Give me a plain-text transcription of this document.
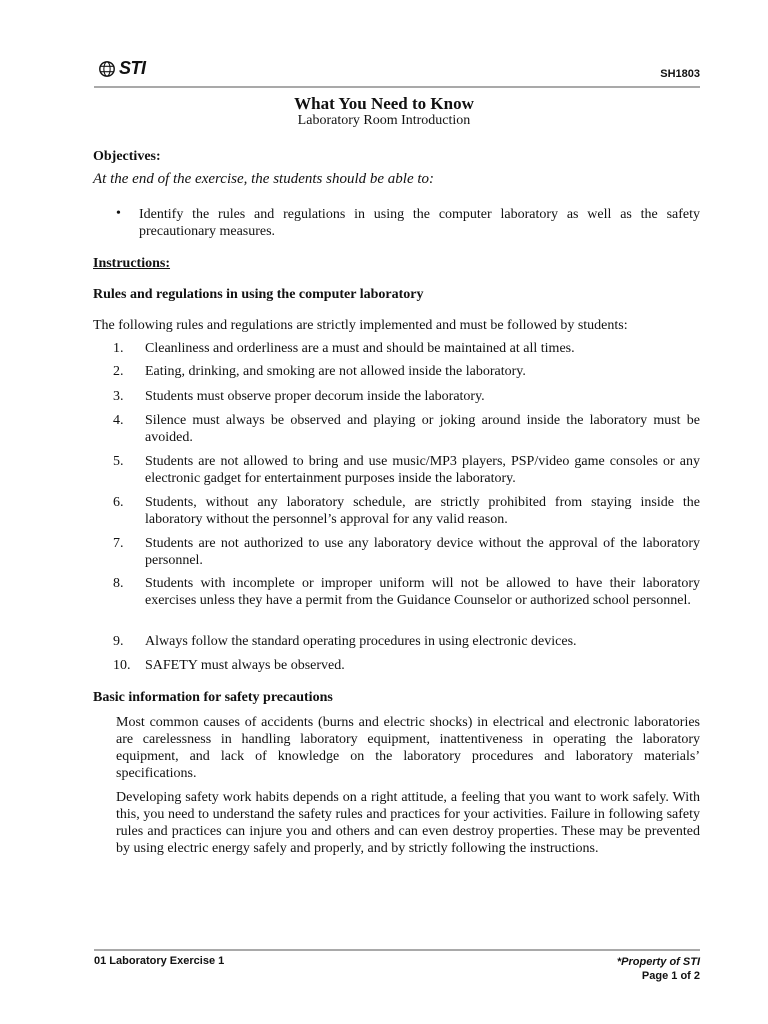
STI	SH1803
What You Need to Know
Laboratory Room Introduction
Objectives:
At the end of the exercise, the students should be able to:
• Identify the rules and regulations in using the computer laboratory as well as the safety precautionary measures.
Instructions:
Rules and regulations in using the computer laboratory
The following rules and regulations are strictly implemented and must be followed by students:
1.	Cleanliness and orderliness are a must and should be maintained at all times.
2.	Eating, drinking, and smoking are not allowed inside the laboratory.
3.	Students must observe proper decorum inside the laboratory.
4.	Silence must always be observed and playing or joking around inside the laboratory must be avoided.
5.	Students are not allowed to bring and use music/MP3 players, PSP/video game consoles or any electronic gadget for entertainment purposes inside the laboratory.
6.	Students, without any laboratory schedule, are strictly prohibited from staying inside the laboratory without the personnel’s approval for any valid reason.
7.	Students are not authorized to use any laboratory device without the approval of the laboratory personnel.
8.	Students with incomplete or improper uniform will not be allowed to have their laboratory exercises unless they have a permit from the Guidance Counselor or authorized school personnel.
9.	Always follow the standard operating procedures in using electronic devices.
10.	SAFETY must always be observed.
Basic information for safety precautions
Most common causes of accidents (burns and electric shocks) in electrical and electronic laboratories are carelessness in handling laboratory equipment, inattentiveness in operating the laboratory equipment, and lack of knowledge on the laboratory procedures and laboratory materials’ specifications.
Developing safety work habits depends on a right attitude, a feeling that you want to work safely. With this, you need to understand the safety rules and practices for your activities. Failure in following safety rules and practices can injure you and others and can even destroy properties. These may be prevented by using electric energy safely and properly, and by strictly following the instructions.
01 Laboratory Exercise 1	*Property of STI
Page 1 of 2
